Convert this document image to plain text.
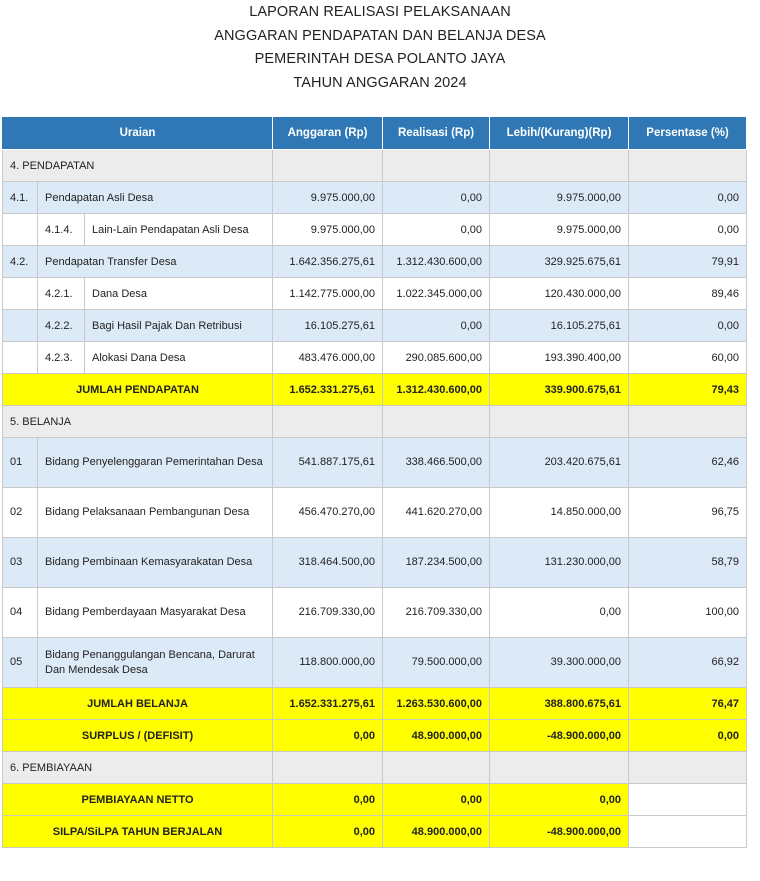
LAPORAN REALISASI PELAKSANAAN
ANGGARAN PENDAPATAN DAN BELANJA DESA
PEMERINTAH DESA POLANTO JAYA
TAHUN ANGGARAN 2024
Uraian			Anggaran (Rp)	Realisasi (Rp)	Lebih/(Kurang)(Rp)	Persentase (%)
4. PENDAPATAN						
4.1.	Pendapatan Asli Desa		9.975.000,00	0,00	9.975.000,00	0,00
	4.1.4.	Lain-Lain Pendapatan Asli Desa	9.975.000,00	0,00	9.975.000,00	0,00
4.2.	Pendapatan Transfer Desa		1.642.356.275,61	1.312.430.600,00	329.925.675,61	79,91
	4.2.1.	Dana Desa	1.142.775.000,00	1.022.345.000,00	120.430.000,00	89,46
	4.2.2.	Bagi Hasil Pajak Dan Retribusi	16.105.275,61	0,00	16.105.275,61	0,00
	4.2.3.	Alokasi Dana Desa	483.476.000,00	290.085.600,00	193.390.400,00	60,00
JUMLAH PENDAPATAN			1.652.331.275,61	1.312.430.600,00	339.900.675,61	79,43
5. BELANJA						
01	Bidang Penyelenggaran Pemerintahan Desa		541.887.175,61	338.466.500,00	203.420.675,61	62,46
02	Bidang Pelaksanaan Pembangunan Desa		456.470.270,00	441.620.270,00	14.850.000,00	96,75
03	Bidang Pembinaan Kemasyarakatan Desa		318.464.500,00	187.234.500,00	131.230.000,00	58,79
04	Bidang Pemberdayaan Masyarakat Desa		216.709.330,00	216.709.330,00	0,00	100,00
05	Bidang Penanggulangan Bencana, Darurat Dan Mendesak Desa		118.800.000,00	79.500.000,00	39.300.000,00	66,92
JUMLAH BELANJA			1.652.331.275,61	1.263.530.600,00	388.800.675,61	76,47
SURPLUS / (DEFISIT)			0,00	48.900.000,00	-48.900.000,00	0,00
6. PEMBIAYAAN						
PEMBIAYAAN NETTO			0,00	0,00	0,00	
SILPA/SiLPA TAHUN BERJALAN			0,00	48.900.000,00	-48.900.000,00	
